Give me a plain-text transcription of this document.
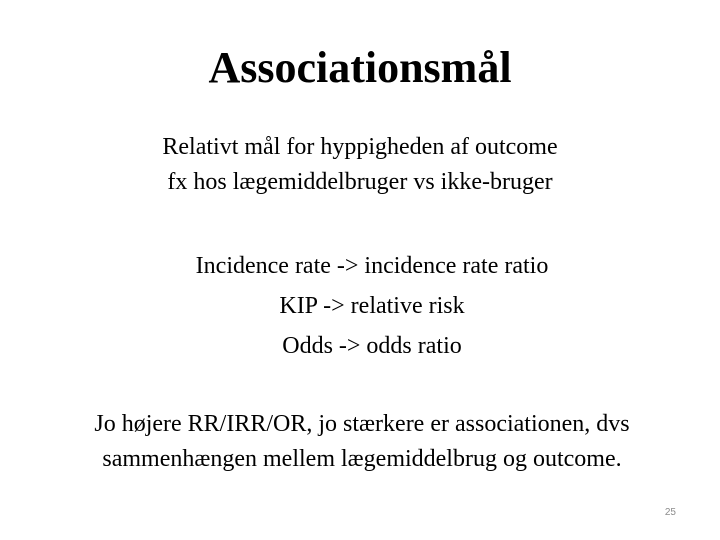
Associationsmål
Relativt mål for hyppigheden af outcome
fx hos lægemiddelbruger vs ikke-bruger
Incidence rate -> incidence rate ratio
KIP -> relative risk
Odds -> odds ratio
Jo højere RR/IRR/OR, jo stærkere er associationen, dvs
sammenhængen mellem lægemiddelbrug og outcome.
25
